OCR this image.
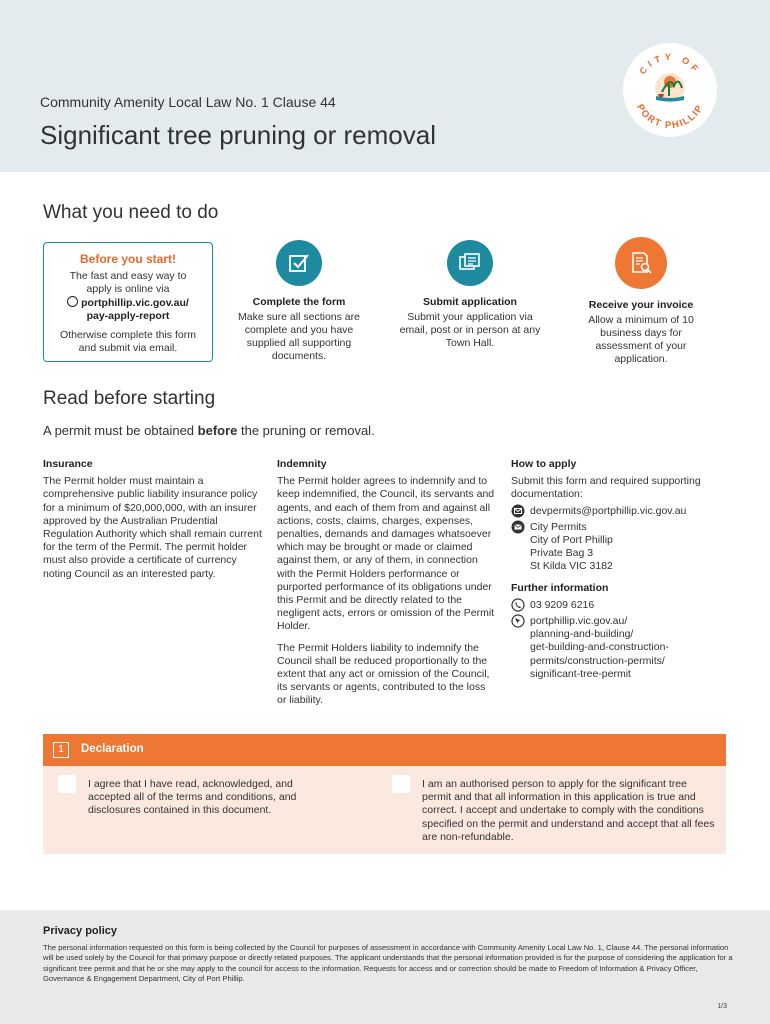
Community Amenity Local Law No. 1 Clause 44
Significant tree pruning or removal
CITY OF
PORT PHILLIP
What you need to do
Before you start!
The fast and easy way to apply is online via
portphillip.vic.gov.au/
pay-apply-report
Otherwise complete this form and submit via email.
Complete the form
Make sure all sections are complete and you have supplied all supporting documents.
Submit application
Submit your application via email, post or in person at any Town Hall.
Receive your invoice
Allow a minimum of 10 business days for assessment of your application.
Read before starting
A permit must be obtained before the pruning or removal.
Insurance

The Permit holder must maintain a comprehensive public liability insurance policy for a minimum of $20,000,000, with an insurer approved by the Australian Prudential Regulation Authority which shall remain current for the term of the Permit. The permit holder must also provide a certificate of currency noting Council as an interested party.

Indemnity

The Permit holder agrees to indemnify and to keep indemnified, the Council, its servants and agents, and each of them from and against all actions, costs, claims, charges, expenses, penalties, demands and damages whatsoever which may be brought or made or claimed against them, or any of them, in connection with the Permit Holders performance or purported performance of its obligations under this Permit and be directly related to the negligent acts, errors or omission of the Permit Holder.

The Permit Holders liability to indemnify the Council shall be reduced proportionally to the extent that any act or omission of the Council, its servants or agents, contributed to the loss or liability.

How to apply
Submit this form and required supporting documentation:
devpermits@portphillip.vic.gov.au
City Permits
City of Port Phillip
Private Bag 3
St Kilda VIC 3182
Further information
03 9209 6216
portphillip.vic.gov.au/
planning-and-building/
get-building-and-construction-
permits/construction-permits/
significant-tree-permit
1	Declaration
I agree that I have read, acknowledged, and accepted all of the terms and conditions, and disclosures contained in this document.
I am an authorised person to apply for the significant tree permit and that all information in this application is true and correct. I accept and undertake to comply with the conditions specified on the permit and understand and accept that all fees are non-refundable.
Privacy policy
The personal information requested on this form is being collected by the Council for purposes of assessment in accordance with Community Amenity Local Law No. 1, Clause 44. The personal information will be used solely by the Council for that primary purpose or directly related purposes. The applicant understands that the personal information provided is for the purpose of considering the application for a significant tree permit and that he or she may apply to the council for access to the information. Requests for access and or correction should be made to Freedom of Information & Privacy Officer, Governance & Engagement Department, City of Port Phillip.
1/3
